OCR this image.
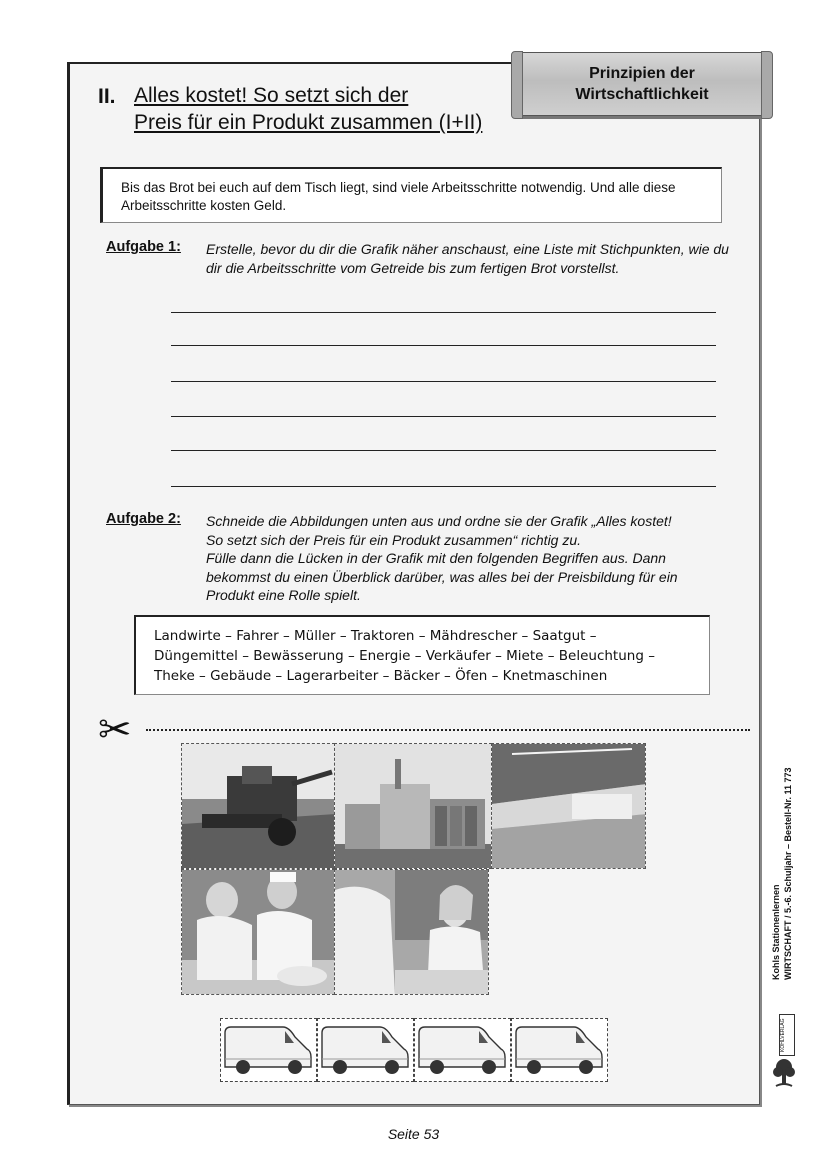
Prinzipien der
Wirtschaftlichkeit
II. Alles kostet! So setzt sich der
Preis für ein Produkt zusammen (I+II)
Bis das Brot bei euch auf dem Tisch liegt, sind viele Arbeitsschritte notwendig. Und alle diese Arbeitsschritte kosten Geld.
Aufgabe 1: Erstelle, bevor du dir die Grafik näher anschaust, eine Liste mit Stichpunkten, wie du dir die Arbeitsschritte vom Getreide bis zum fertigen Brot vorstellst.
Aufgabe 2: Schneide die Abbildungen unten aus und ordne sie der Grafik „Alles kostet!
So setzt sich der Preis für ein Produkt zusammen“ richtig zu.
Fülle dann die Lücken in der Grafik mit den folgenden Begriffen aus. Dann
bekommst du einen Überblick darüber, was alles bei der Preisbildung für ein
Produkt eine Rolle spielt.
Landwirte – Fahrer – Müller – Traktoren – Mähdrescher – Saatgut –
Düngemittel – Bewässerung – Energie – Verkäufer – Miete – Beleuchtung –
Theke – Gebäude – Lagerarbeiter – Bäcker – Öfen – Knetmaschinen
✂
Kohls Stationenlernen WIRTSCHAFT / 5.-6. Schuljahr – Bestell-Nr. 11 773
KOHLVERLAG
Seite 53
